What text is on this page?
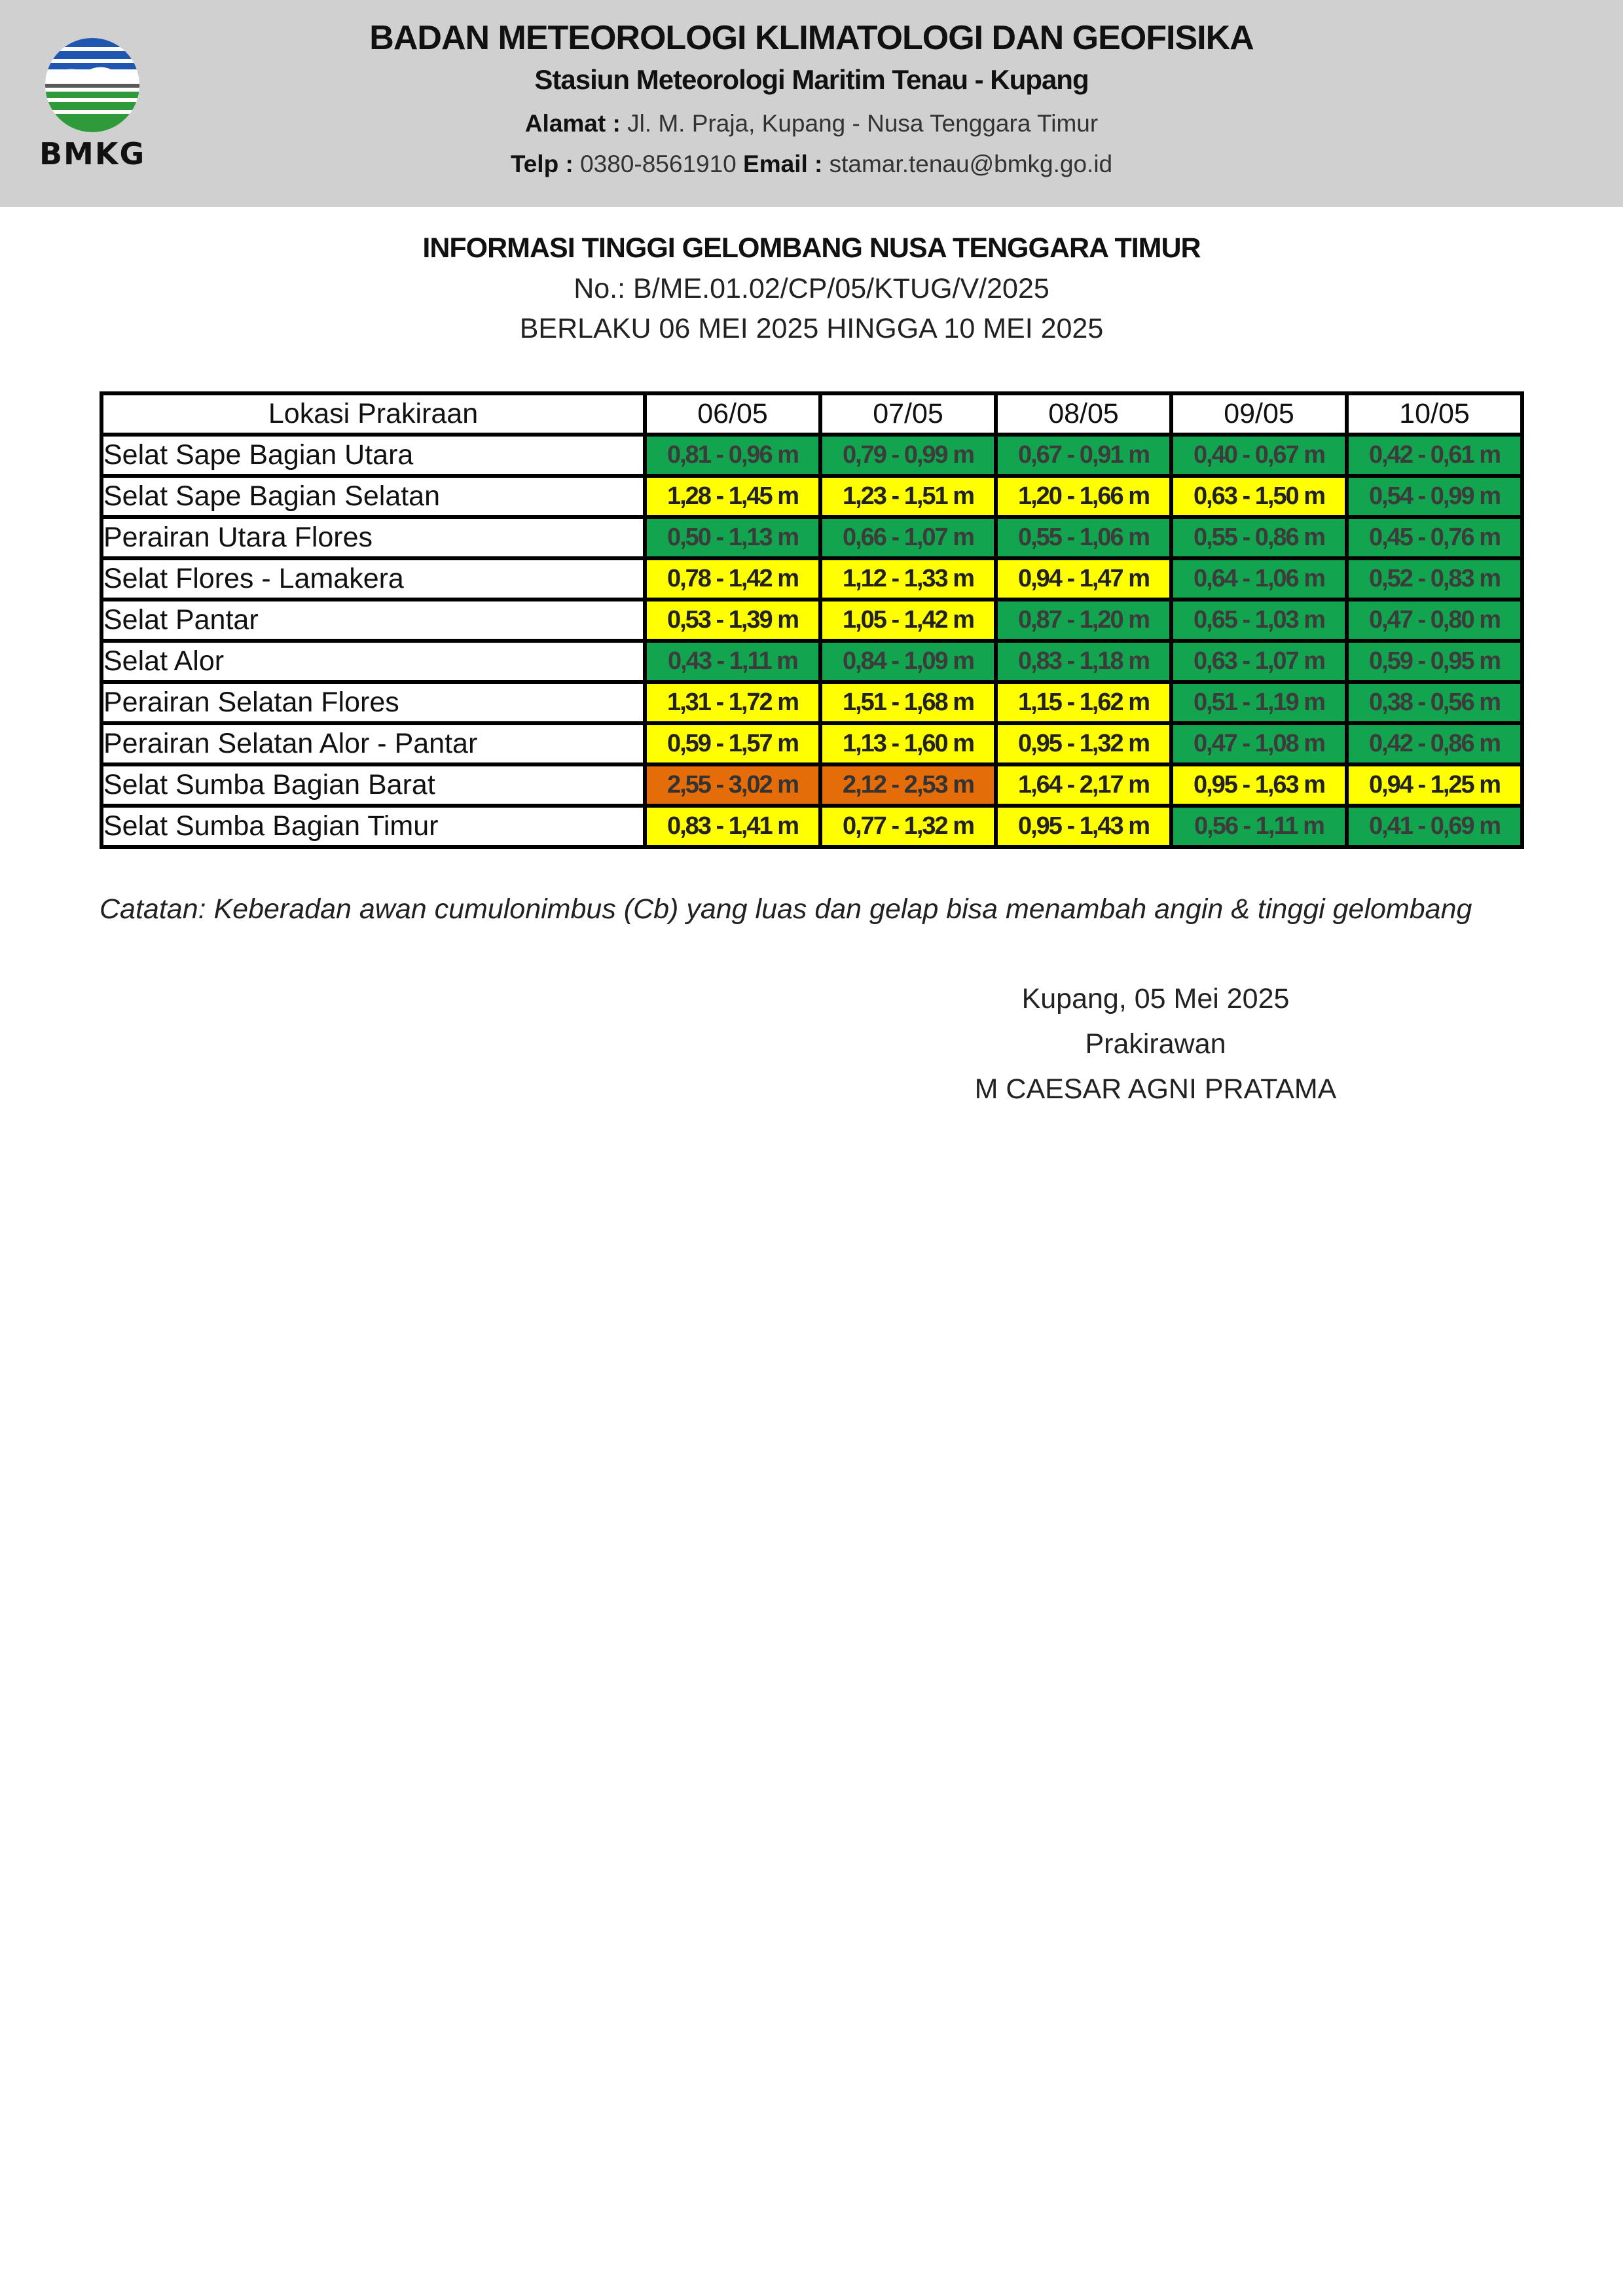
BMKG
BADAN METEOROLOGI KLIMATOLOGI DAN GEOFISIKA
Stasiun Meteorologi Maritim Tenau - Kupang
Alamat : Jl. M. Praja, Kupang - Nusa Tenggara Timur
Telp : 0380-8561910 Email : stamar.tenau@bmkg.go.id
INFORMASI TINGGI GELOMBANG NUSA TENGGARA TIMUR
No.: B/ME.01.02/CP/05/KTUG/V/2025
BERLAKU 06 MEI 2025 HINGGA 10 MEI 2025
Lokasi Prakiraan	06/05	07/05	08/05	09/05	10/05
Selat Sape Bagian Utara	0,81 - 0,96 m	0,79 - 0,99 m	0,67 - 0,91 m	0,40 - 0,67 m	0,42 - 0,61 m
Selat Sape Bagian Selatan	1,28 - 1,45 m	1,23 - 1,51 m	1,20 - 1,66 m	0,63 - 1,50 m	0,54 - 0,99 m
Perairan Utara Flores	0,50 - 1,13 m	0,66 - 1,07 m	0,55 - 1,06 m	0,55 - 0,86 m	0,45 - 0,76 m
Selat Flores - Lamakera	0,78 - 1,42 m	1,12 - 1,33 m	0,94 - 1,47 m	0,64 - 1,06 m	0,52 - 0,83 m
Selat Pantar	0,53 - 1,39 m	1,05 - 1,42 m	0,87 - 1,20 m	0,65 - 1,03 m	0,47 - 0,80 m
Selat Alor	0,43 - 1,11 m	0,84 - 1,09 m	0,83 - 1,18 m	0,63 - 1,07 m	0,59 - 0,95 m
Perairan Selatan Flores	1,31 - 1,72 m	1,51 - 1,68 m	1,15 - 1,62 m	0,51 - 1,19 m	0,38 - 0,56 m
Perairan Selatan Alor - Pantar	0,59 - 1,57 m	1,13 - 1,60 m	0,95 - 1,32 m	0,47 - 1,08 m	0,42 - 0,86 m
Selat Sumba Bagian Barat	2,55 - 3,02 m	2,12 - 2,53 m	1,64 - 2,17 m	0,95 - 1,63 m	0,94 - 1,25 m
Selat Sumba Bagian Timur	0,83 - 1,41 m	0,77 - 1,32 m	0,95 - 1,43 m	0,56 - 1,11 m	0,41 - 0,69 m
Catatan: Keberadan awan cumulonimbus (Cb) yang luas dan gelap bisa menambah angin & tinggi gelombang
Kupang, 05 Mei 2025
Prakirawan
M CAESAR AGNI PRATAMA
